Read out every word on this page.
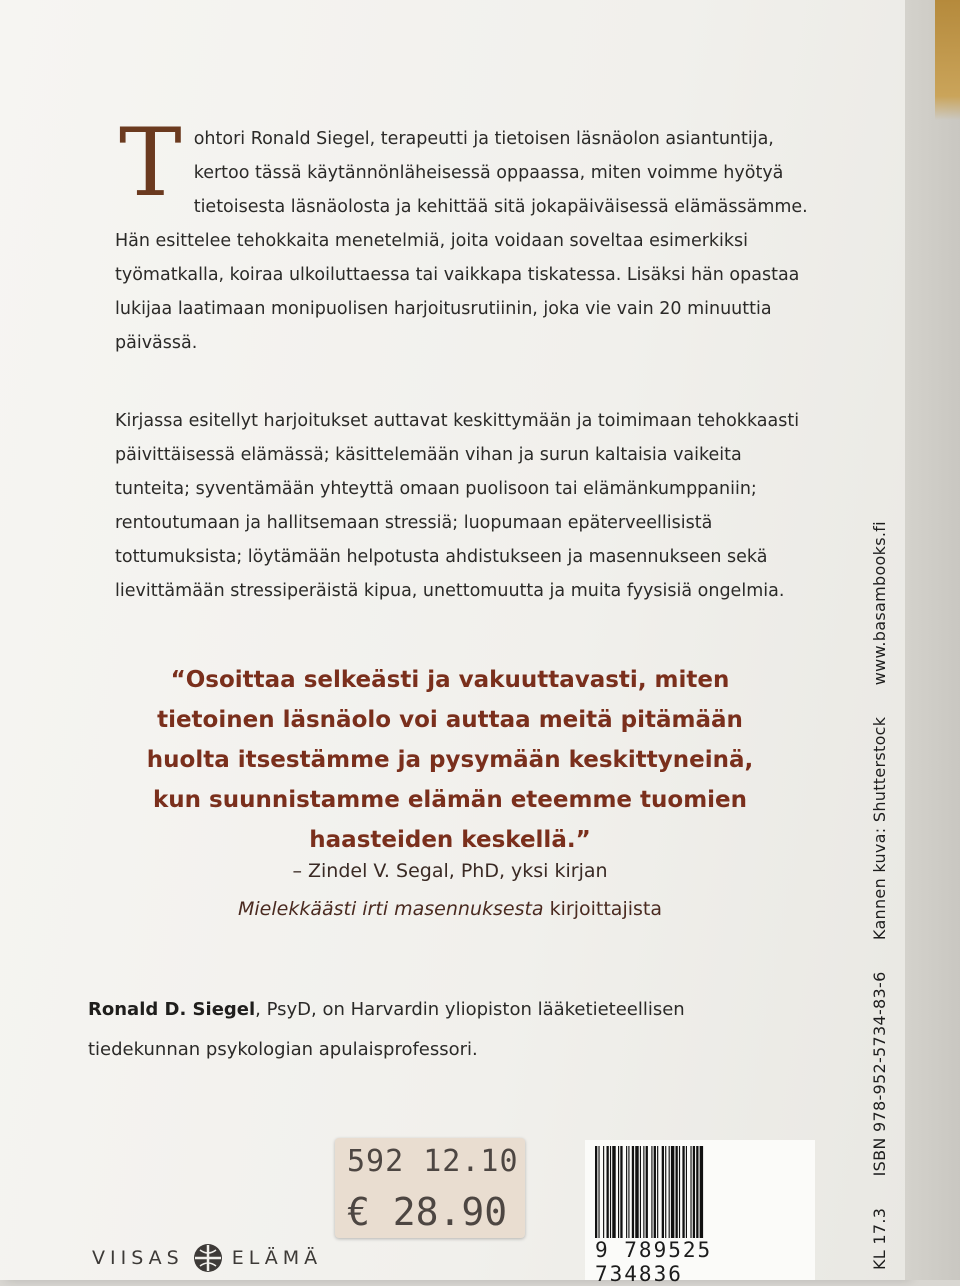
Tohtori Ronald Siegel, terapeutti ja tietoisen läsnäolon asiantuntija, kertoo tässä käytännönläheisessä oppaassa, miten voimme hyötyä tietoisesta läsnäolosta ja kehittää sitä jokapäiväisessä elämässämme. Hän esittelee tehokkaita menetelmiä, joita voidaan soveltaa esimerkiksi työmatkalla, koiraa ulkoiluttaessa tai vaikkapa tiskatessa. Lisäksi hän opastaa lukijaa laatimaan monipuolisen harjoitusrutiinin, joka vie vain 20 minuuttia päivässä.

Kirjassa esitellyt harjoitukset auttavat keskittymään ja toimimaan tehokkaasti päivittäisessä elämässä; käsittelemään vihan ja surun kaltaisia vaikeita tunteita; syventämään yhteyttä omaan puolisoon tai elämänkumppaniin; rentoutumaan ja hallitsemaan stressiä; luopumaan epäterveellisistä tottumuksista; löytämään helpotusta ahdistukseen ja masennukseen sekä lievittämään stressiperäistä kipua, unettomuutta ja muita fyysisiä ongelmia.

“Osoittaa selkeästi ja vakuuttavasti, miten tietoinen läsnäolo voi auttaa meitä pitämään huolta itsestämme ja pysymään keskittyneinä, kun suunnistamme elämän eteemme tuomien haasteiden keskellä.”

– Zindel V. Segal, PhD, yksi kirjan

Mielekkäästi irti masennuksesta kirjoittajista

Ronald D. Siegel, PsyD, on Harvardin yliopiston lääketieteellisen tiedekunnan psykologian apulaisprofessori.

592 12.10
€ 28.90
VIISAS	ELÄMÄ	9 789525 734836
KL 17.3 ISBN 978-952-5734-83-6 Kannen kuva: Shutterstock www.basambooks.fi
